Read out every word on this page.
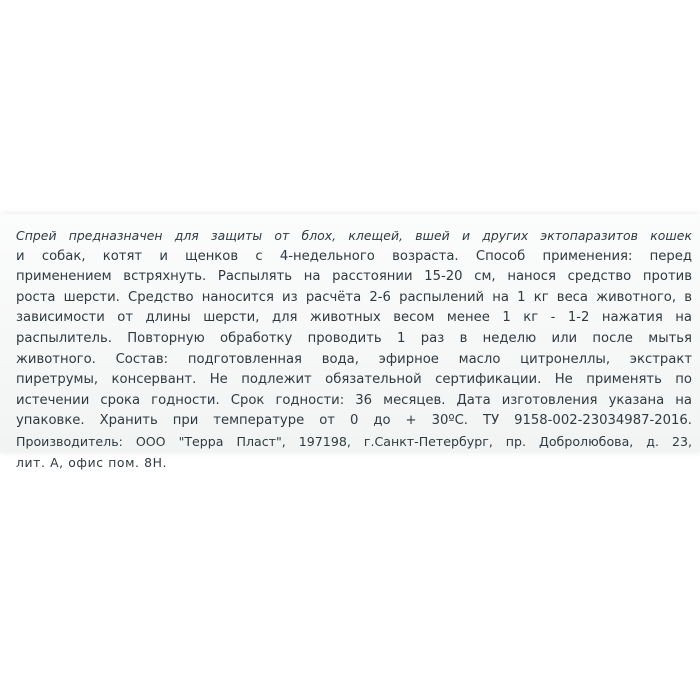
Спрей предназначен для защиты от блох, клещей, вшей и других эктопаразитов кошек
и собак, котят и щенков с 4-недельного возраста. Способ применения: перед
применением встряхнуть. Распылять на расстоянии 15-20 см, нанося средство против
роста шерсти. Средство наносится из расчёта 2-6 распылений на 1 кг веса животного, в
зависимости от длины шерсти, для животных весом менее 1 кг - 1-2 нажатия на
распылитель. Повторную обработку проводить 1 раз в неделю или после мытья
животного. Состав: подготовленная вода, эфирное масло цитронеллы, экстракт
пиретрумы, консервант. Не подлежит обязательной сертификации. Не применять по
истечении срока годности. Срок годности: 36 месяцев. Дата изготовления указана на
упаковке. Хранить при температуре от 0 до + 30ºС. ТУ 9158-002-23034987-2016.
Производитель: ООО "Терра Пласт", 197198, г.Санкт-Петербург, пр. Добролюбова, д. 23,
лит. А, офис пом. 8Н.
